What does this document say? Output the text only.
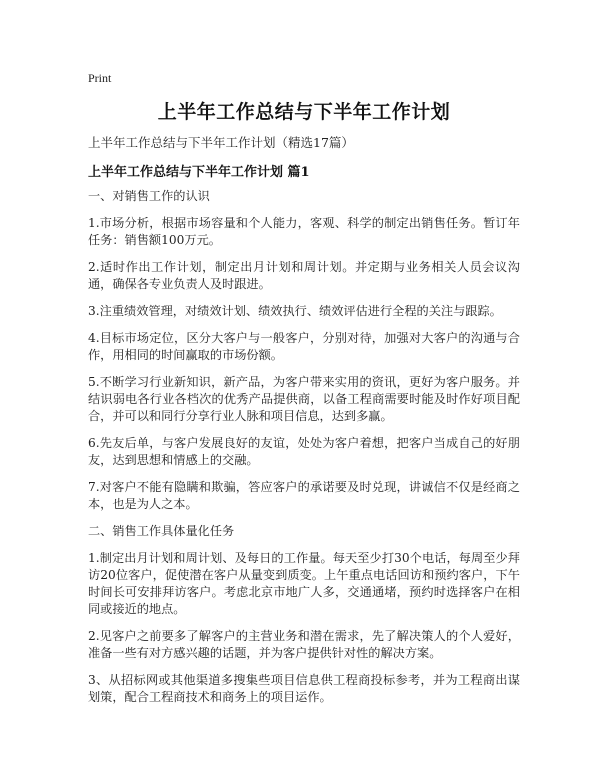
Print
上半年工作总结与下半年工作计划
上半年工作总结与下半年工作计划（精选17篇）
上半年工作总结与下半年工作计划 篇1

一、对销售工作的认识

1.市场分析，根据市场容量和个人能力，客观、科学的制定出销售任务。暂订年任务：销售额100万元。

2.适时作出工作计划，制定出月计划和周计划。并定期与业务相关人员会议沟通，确保各专业负责人及时跟进。

3.注重绩效管理，对绩效计划、绩效执行、绩效评估进行全程的关注与跟踪。

4.目标市场定位，区分大客户与一般客户，分别对待，加强对大客户的沟通与合作，用相同的时间赢取的市场份额。

5.不断学习行业新知识，新产品，为客户带来实用的资讯，更好为客户服务。并结识弱电各行业各档次的优秀产品提供商，以备工程商需要时能及时作好项目配合，并可以和同行分享行业人脉和项目信息，达到多赢。

6.先友后单，与客户发展良好的友谊，处处为客户着想，把客户当成自己的好朋友，达到思想和情感上的交融。

7.对客户不能有隐瞒和欺骗，答应客户的承诺要及时兑现，讲诚信不仅是经商之本，也是为人之本。

二、销售工作具体量化任务

1.制定出月计划和周计划、及每日的工作量。每天至少打30个电话，每周至少拜访20位客户，促使潜在客户从量变到质变。上午重点电话回访和预约客户，下午时间长可安排拜访客户。考虑北京市地广人多，交通通堵，预约时选择客户在相同或接近的地点。

2.见客户之前要多了解客户的主营业务和潜在需求，先了解决策人的个人爱好，准备一些有对方感兴趣的话题，并为客户提供针对性的解决方案。

3、从招标网或其他渠道多搜集些项目信息供工程商投标参考，并为工程商出谋划策，配合工程商技术和商务上的项目运作。
